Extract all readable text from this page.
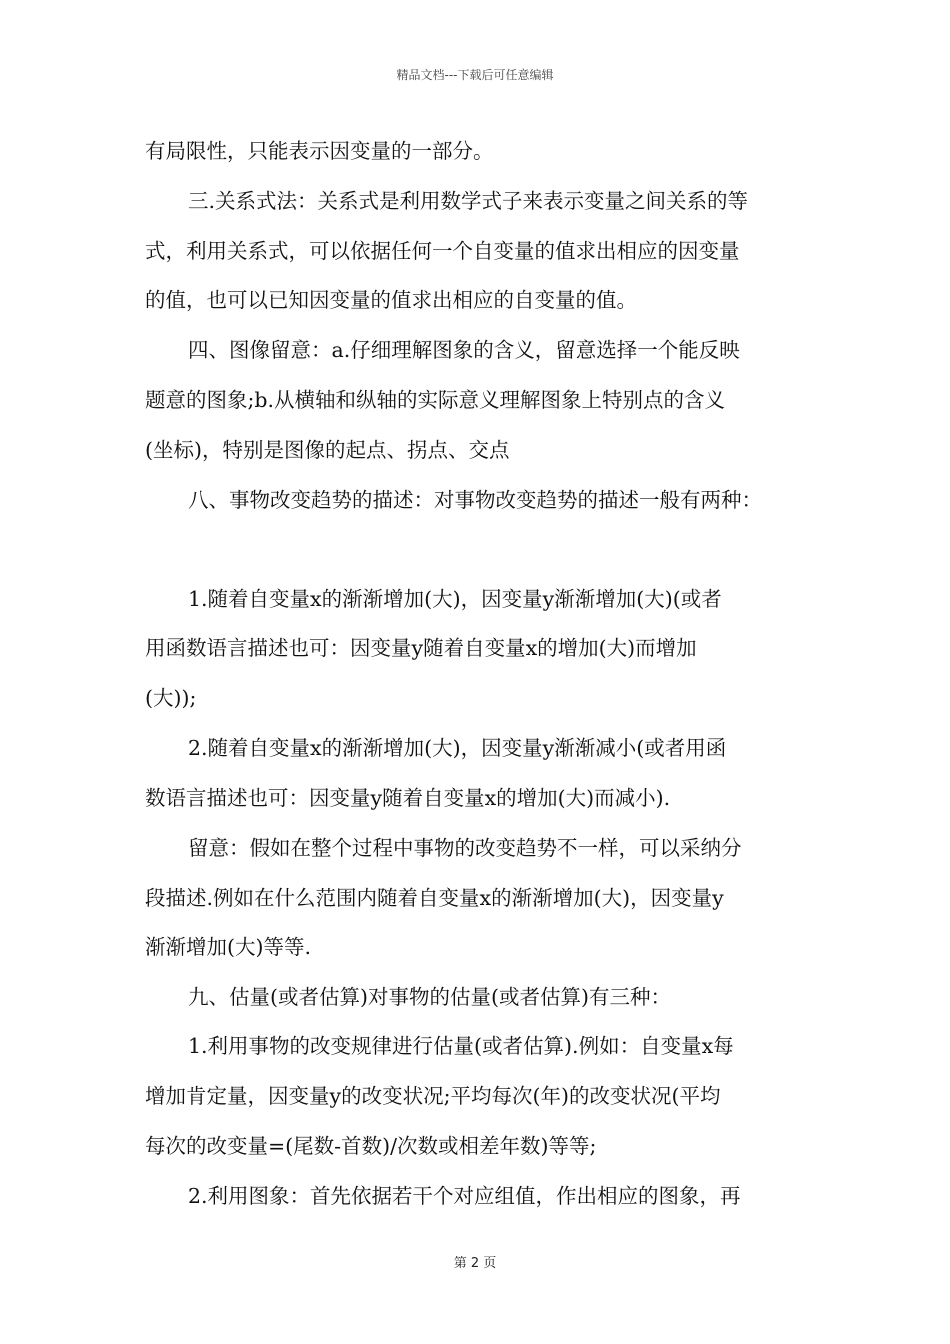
精品文档---下载后可任意编辑
有局限性，只能表示因变量的一部分。
三.关系式法：关系式是利用数学式子来表示变量之间关系的等
式，利用关系式，可以依据任何一个自变量的值求出相应的因变量
的值，也可以已知因变量的值求出相应的自变量的值。
四、图像留意：a.仔细理解图象的含义，留意选择一个能反映
题意的图象;b.从横轴和纵轴的实际意义理解图象上特别点的含义
(坐标)，特别是图像的起点、拐点、交点
八、事物改变趋势的描述：对事物改变趋势的描述一般有两种：
1.随着自变量x的渐渐增加(大)，因变量y渐渐增加(大)(或者
用函数语言描述也可：因变量y随着自变量x的增加(大)而增加
(大));
2.随着自变量x的渐渐增加(大)，因变量y渐渐减小(或者用函
数语言描述也可：因变量y随着自变量x的增加(大)而减小).
留意：假如在整个过程中事物的改变趋势不一样，可以采纳分
段描述.例如在什么范围内随着自变量x的渐渐增加(大)，因变量y
渐渐增加(大)等等.
九、估量(或者估算)对事物的估量(或者估算)有三种：
1.利用事物的改变规律进行估量(或者估算).例如：自变量x每
增加肯定量，因变量y的改变状况;平均每次(年)的改变状况(平均
每次的改变量=(尾数-首数)/次数或相差年数)等等;
2.利用图象：首先依据若干个对应组值，作出相应的图象，再
第 2 页
